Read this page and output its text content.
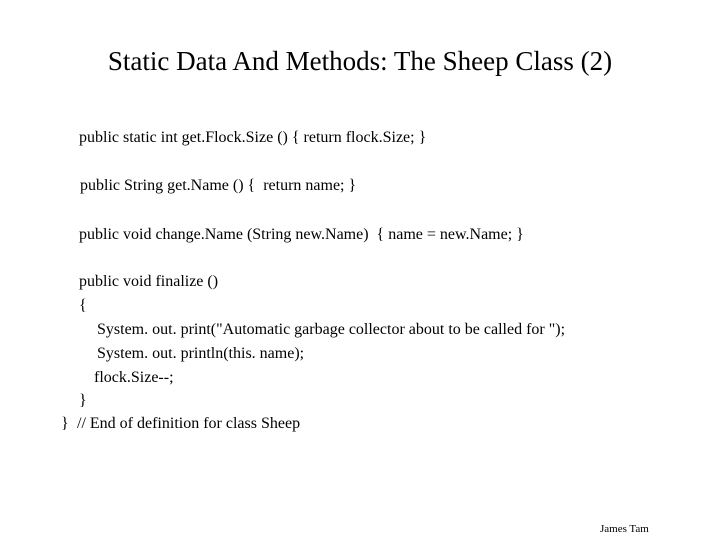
Static Data And Methods: The Sheep Class (2)
public static int get.Flock.Size () { return flock.Size; }
public String get.Name () {  return name; }
public void change.Name (String new.Name)  { name = new.Name; }
public void finalize ()
{
System. out. print("Automatic garbage collector about to be called for ");
System. out. println(this. name);
flock.Size--;
}
} // End of definition for class Sheep
James Tam
